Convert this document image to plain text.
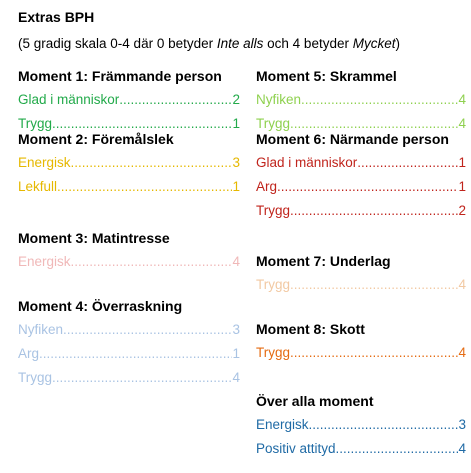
Extras BPH
(5 gradig skala 0-4 där 0 betyder Inte alls och 4 betyder Mycket)
Moment 1: Främmande person
Glad i människor .....	2
Trygg .....	1
Moment 2: Föremålslek
Energisk .....	3
Lekfull .....	1
Moment 3: Matintresse
Energisk .....	4
Moment 4: Överraskning
Nyfiken .....	3
Arg .....	1
Trygg .....	4
Moment 5: Skrammel
Nyfiken .....	4
Trygg .....	4
Moment 6: Närmande person
Glad i människor .....	1
Arg .....	1
Trygg .....	2
Moment 7: Underlag
Trygg .....	4
Moment 8: Skott
Trygg .....	4
Över alla moment
Energisk .....	3
Positiv attityd .....	4
